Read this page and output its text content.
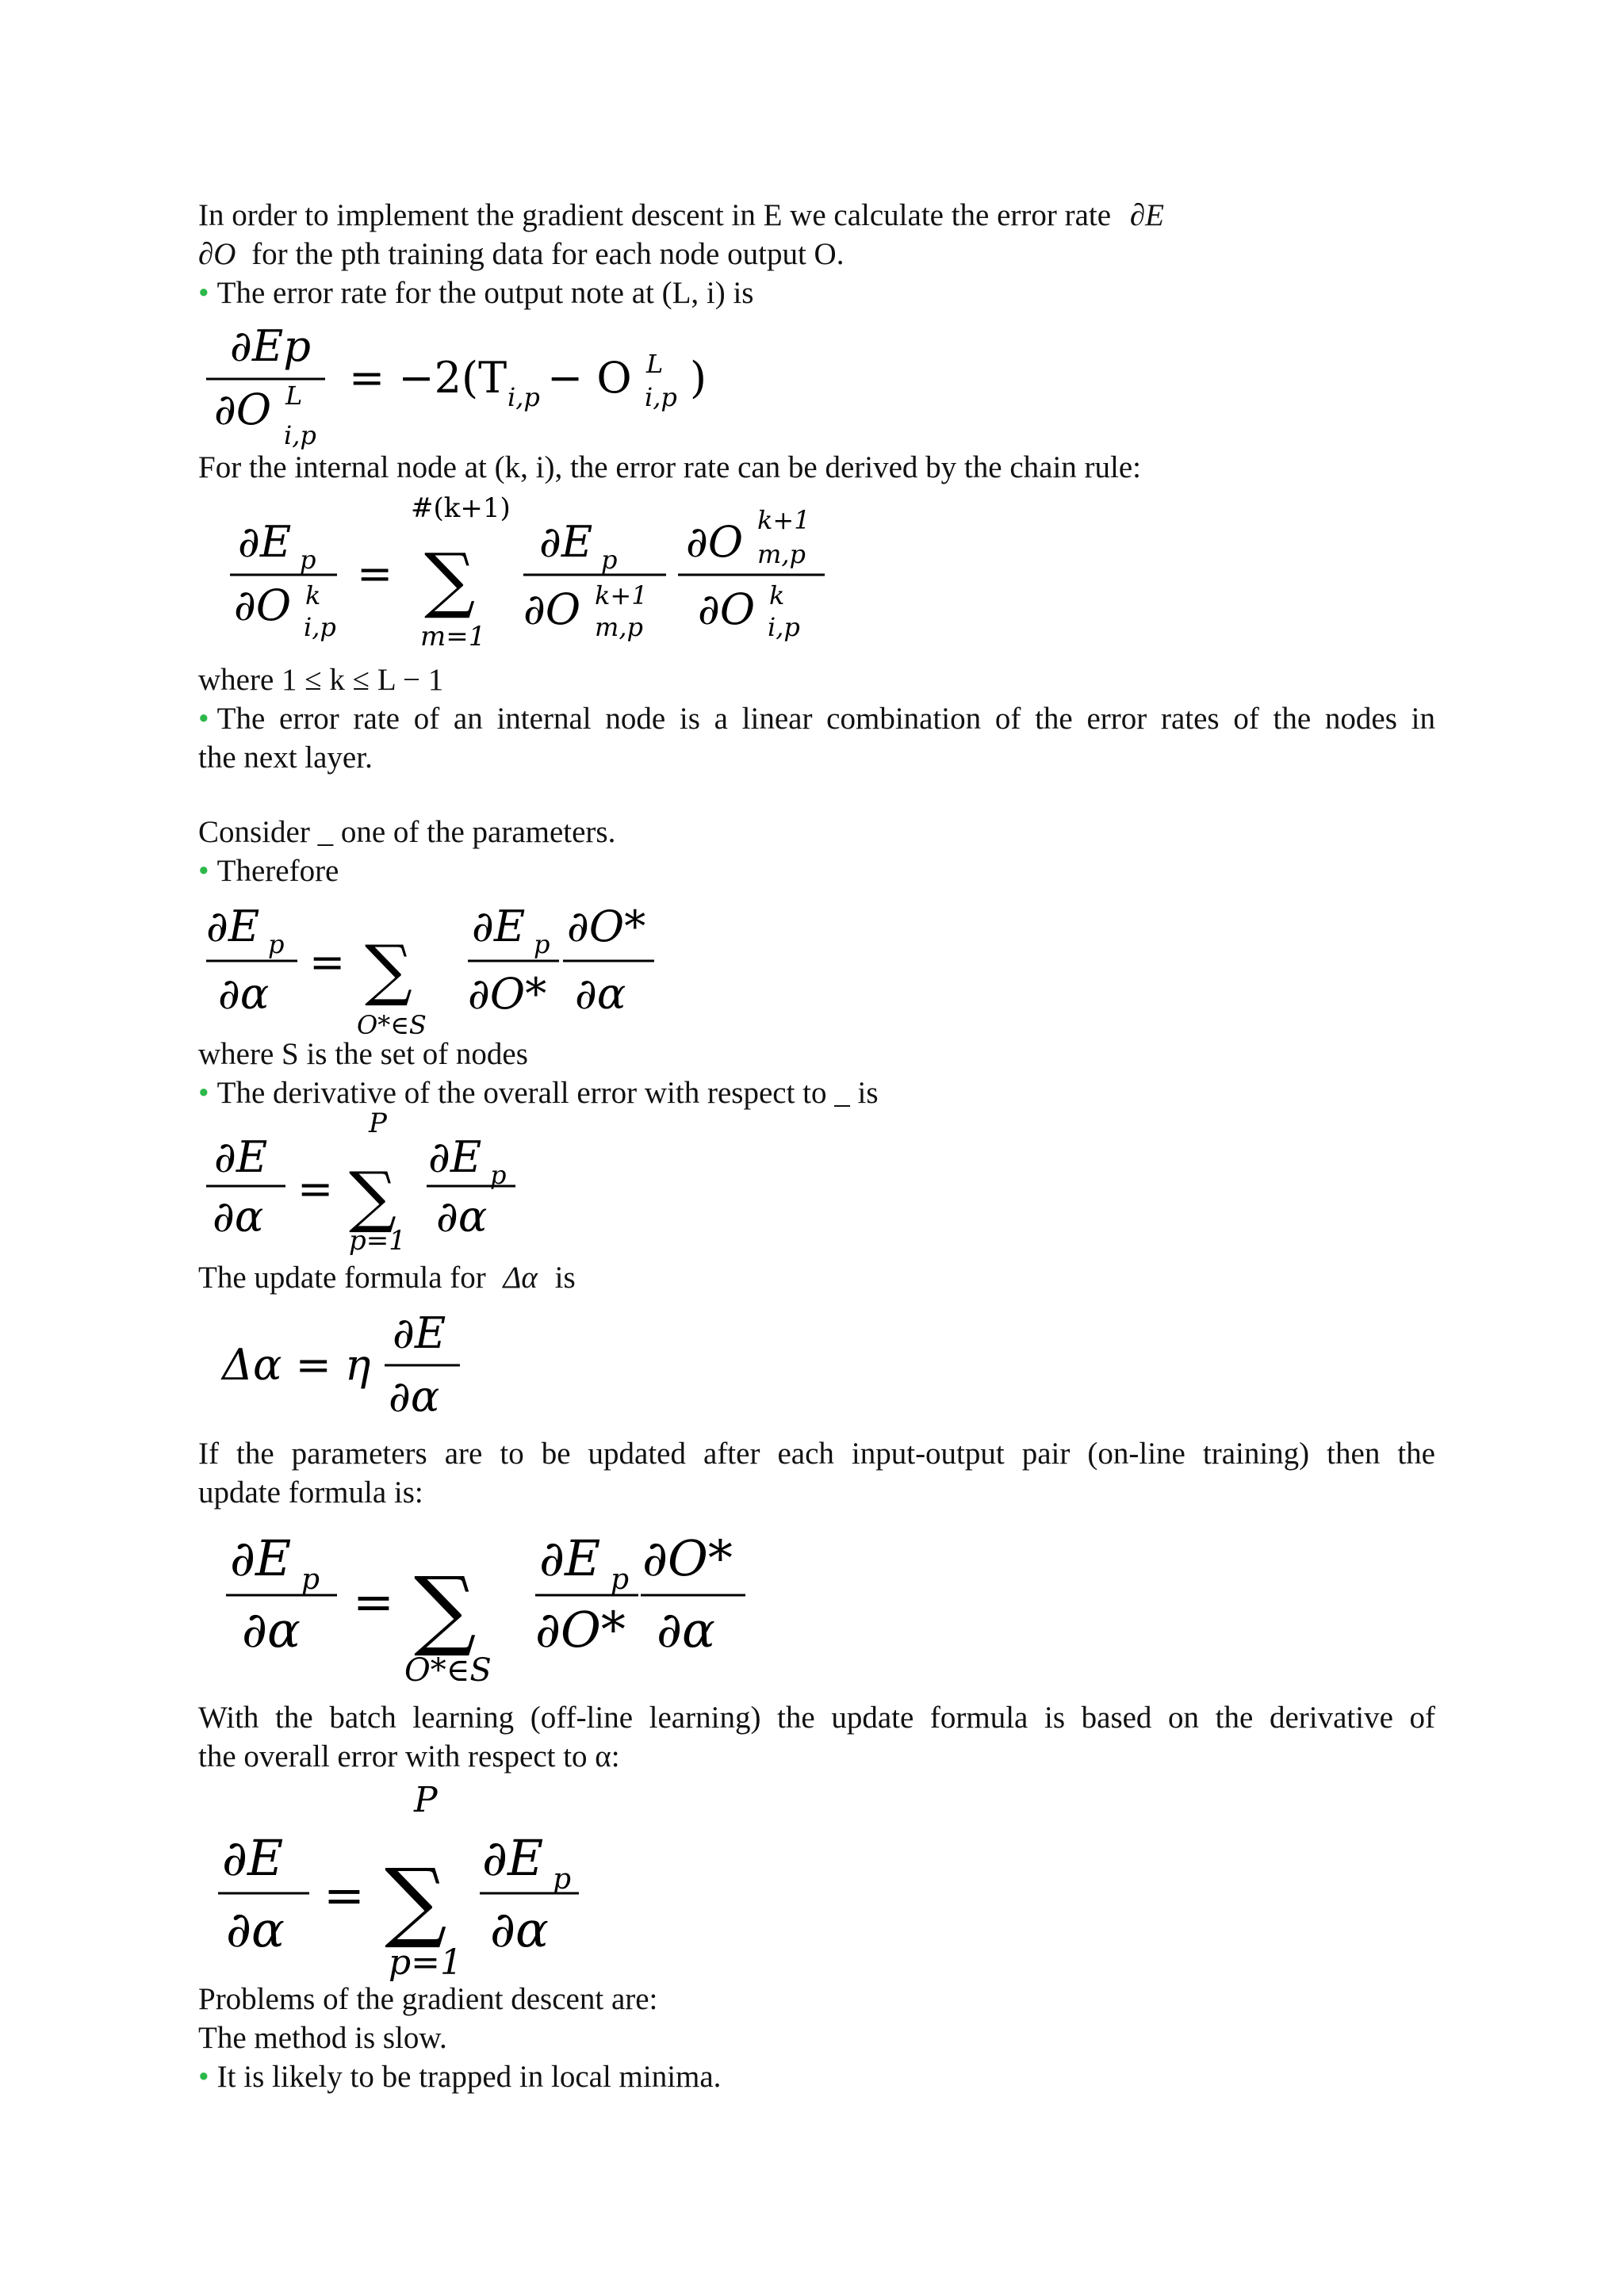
In order to implement the gradient descent in E we calculate the error rate ∂E
∂O for the pth training data for each node output O.
• The error rate for the output note at (L, i) is
∂Ep
∂O L
i,p
= −2(T i,p − O L
i,p )
For the internal node at (k, i), the error rate can be derived by the chain rule:
∂E p
∂O k
i,p
=
#(k+1)
∑
m=1
∂E p
∂O k+1
m,p
∂O k+1
m,p
∂O k
i,p
where 1 ≤ k ≤ L − 1
• The error rate of an internal node is a linear combination of the error rates of the nodes in
the next layer.
Consider _ one of the parameters.
• Therefore
∂E p
∂α
= ∑
O*∈S
∂E p
∂O*
∂O*
∂α
where S is the set of nodes
• The derivative of the overall error with respect to _ is
∂E
∂α
=
P
∑
p=1
∂E p
∂α
The update formula for Δα is
Δα = η
∂E
∂α
If the parameters are to be updated after each input-output pair (on-line training) then the
update formula is:
∂E p
∂α = ∑
O*∈S
∂E p
∂O*
∂O*
∂α
With the batch learning (off-line learning) the update formula is based on the derivative of
the overall error with respect to α:
∂E
∂α
=
P
∑
p=1
∂E p
∂α
Problems of the gradient descent are:
The method is slow.
• It is likely to be trapped in local minima.
